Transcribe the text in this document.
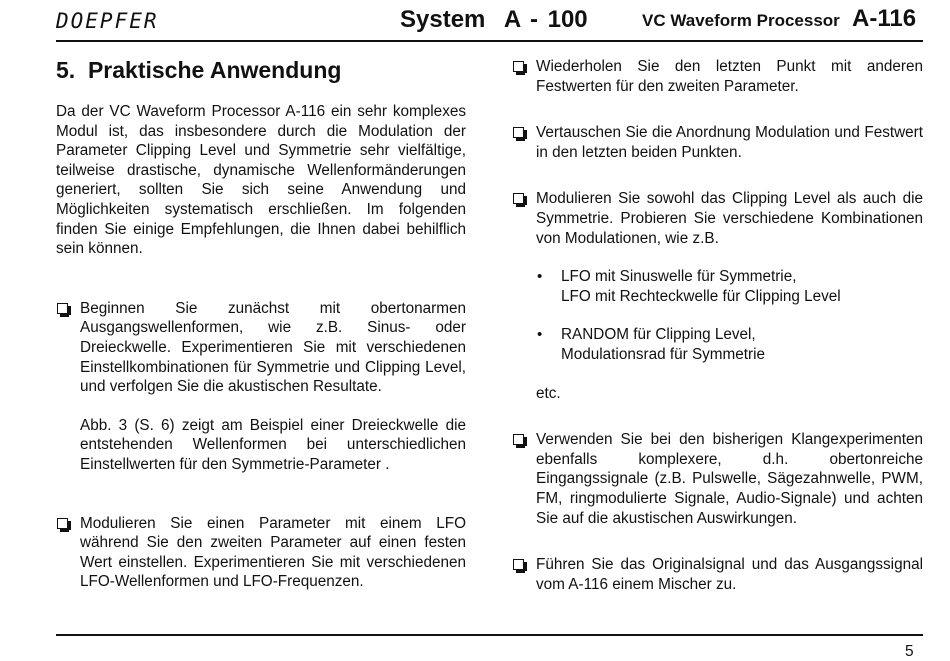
DOEPFER	System  A - 100	VC Waveform Processor A-116
5.  Praktische Anwendung

Da der VC Waveform Processor A-116 ein sehr komplexes Modul ist, das insbesondere durch die Modulation der Parameter Clipping Level und Symmetrie sehr vielfältige, teilweise drastische, dynamische Wellenformänderungen generiert, sollten Sie sich seine Anwendung und Möglichkeiten systematisch erschließen. Im folgenden finden Sie einige Empfehlungen, die Ihnen dabei behilflich sein können.

Beginnen Sie zunächst mit obertonarmen Ausgangswellenformen, wie z.B. Sinus- oder Dreieckwelle. Experimentieren Sie mit verschiedenen Einstellkombinationen für Symmetrie und Clipping Level, und verfolgen Sie die akustischen Resultate.

Abb. 3 (S. 6) zeigt am Beispiel einer Dreieckwelle die entstehenden Wellenformen bei unterschiedlichen Einstellwerten für den Symmetrie-Parameter .

Modulieren Sie einen Parameter mit einem LFO während Sie den zweiten Parameter auf einen festen Wert einstellen. Experimentieren Sie mit verschiedenen LFO-Wellenformen und LFO-Frequenzen.

Wiederholen Sie den letzten Punkt mit anderen Festwerten für den zweiten Parameter.

Vertauschen Sie die Anordnung Modulation und Festwert in den letzten beiden Punkten.

Modulieren Sie sowohl das Clipping Level als auch die Symmetrie. Probieren Sie verschiedene Kombinationen von Modulationen, wie z.B.

• LFO mit Sinuswelle für Symmetrie,
LFO mit Rechteckwelle für Clipping Level
• RANDOM für Clipping Level,
Modulationsrad für Symmetrie

etc.

Verwenden Sie bei den bisherigen Klangexperimenten ebenfalls komplexere, d.h. obertonreiche Eingangssignale (z.B. Pulswelle, Sägezahnwelle, PWM, FM, ringmodulierte Signale, Audio-Signale) und achten Sie auf die akustischen Auswirkungen.

Führen Sie das Originalsignal und das Ausgangssignal vom A-116 einem Mischer zu.

5
